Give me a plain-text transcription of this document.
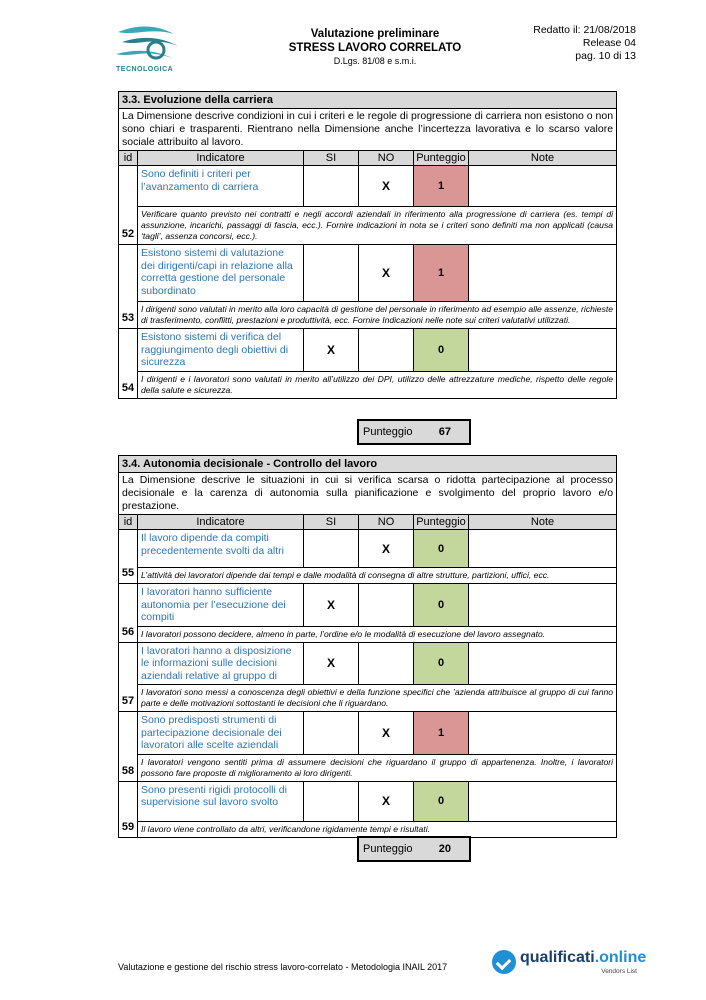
TECNOLOGICA
Valutazione preliminare
STRESS LAVORO CORRELATO
D.Lgs. 81/08 e s.m.i.
Redatto il: 21/08/2018
Release 04
pag. 10 di 13
3.3. Evoluzione della carriera					
La Dimensione descrive condizioni in cui i criteri e le regole di progressione di carriera non esistono o non sono chiari e trasparenti. Rientrano nella Dimensione anche l’incertezza lavorativa e lo scarso valore sociale attribuito al lavoro.					
id	Indicatore	SI	NO	Punteggio	Note
52	Sono definiti i criteri per l’avanzamento di carriera		X	1	
	Verificare quanto previsto nei contratti e negli accordi aziendali in riferimento alla progressione di carriera (es. tempi di assunzione, incarichi, passaggi di fascia, ecc.). Fornire indicazioni in nota se i criteri sono definiti ma non applicati (causa ‘tagli’, assenza concorsi, ecc.).				
53	Esistono sistemi di valutazione dei dirigenti/capi in relazione alla corretta gestione del personale subordinato		X	1	
	I dirigenti sono valutati in merito alla loro capacità di gestione del personale in riferimento ad esempio alle assenze, richieste di trasferimento, conflitti, prestazioni e produttività, ecc. Fornire Indicazioni nelle note sui criteri valutativi utilizzati.				
54	Esistono sistemi di verifica del raggiungimento degli obiettivi di sicurezza	X		0	
	I dirigenti e i lavoratori sono valutati in merito all’utilizzo dei DPI, utilizzo delle attrezzature mediche, rispetto delle regole della salute e sicurezza.				
Punteggio 67
3.4. Autonomia decisionale - Controllo del lavoro					
La Dimensione descrive le situazioni in cui si verifica scarsa o ridotta partecipazione al processo decisionale e la carenza di autonomia sulla pianificazione e svolgimento del proprio lavoro e/o prestazione.					
id	Indicatore	SI	NO	Punteggio	Note
55	Il lavoro dipende da compiti precedentemente svolti da altri		X	0	
	L’attività dei lavoratori dipende dai tempi e dalle modalità di consegna di altre strutture, partizioni, uffici, ecc.				
56	I lavoratori hanno sufficiente autonomia per l’esecuzione dei compiti	X		0	
	I lavoratori possono decidere, almeno in parte, l’ordine e/o le modalità di esecuzione del lavoro assegnato.				
57	I lavoratori hanno a disposizione le informazioni sulle decisioni aziendali relative al gruppo di	X		0	
	I lavoratori sono messi a conoscenza degli obiettivi e della funzione specifici che ’azienda attribuisce al gruppo di cui fanno parte e delle motivazioni sottostanti le decisioni che li riguardano.				
58	Sono predisposti strumenti di partecipazione decisionale dei lavoratori alle scelte aziendali		X	1	
	I lavoratori vengono sentiti prima di assumere decisioni che riguardano il gruppo di appartenenza. Inoltre, i lavoratori possono fare proposte di miglioramento ai loro dirigenti.				
59	Sono presenti rigidi protocolli di supervisione sul lavoro svolto		X	0	
	Il lavoro viene controllato da altri, verificandone rigidamente tempi e risultati.				
Punteggio 20
Valutazione e gestione del rischio stress lavoro-correlato - Metodologia INAIL 2017
qualificati.online
Vendors List
